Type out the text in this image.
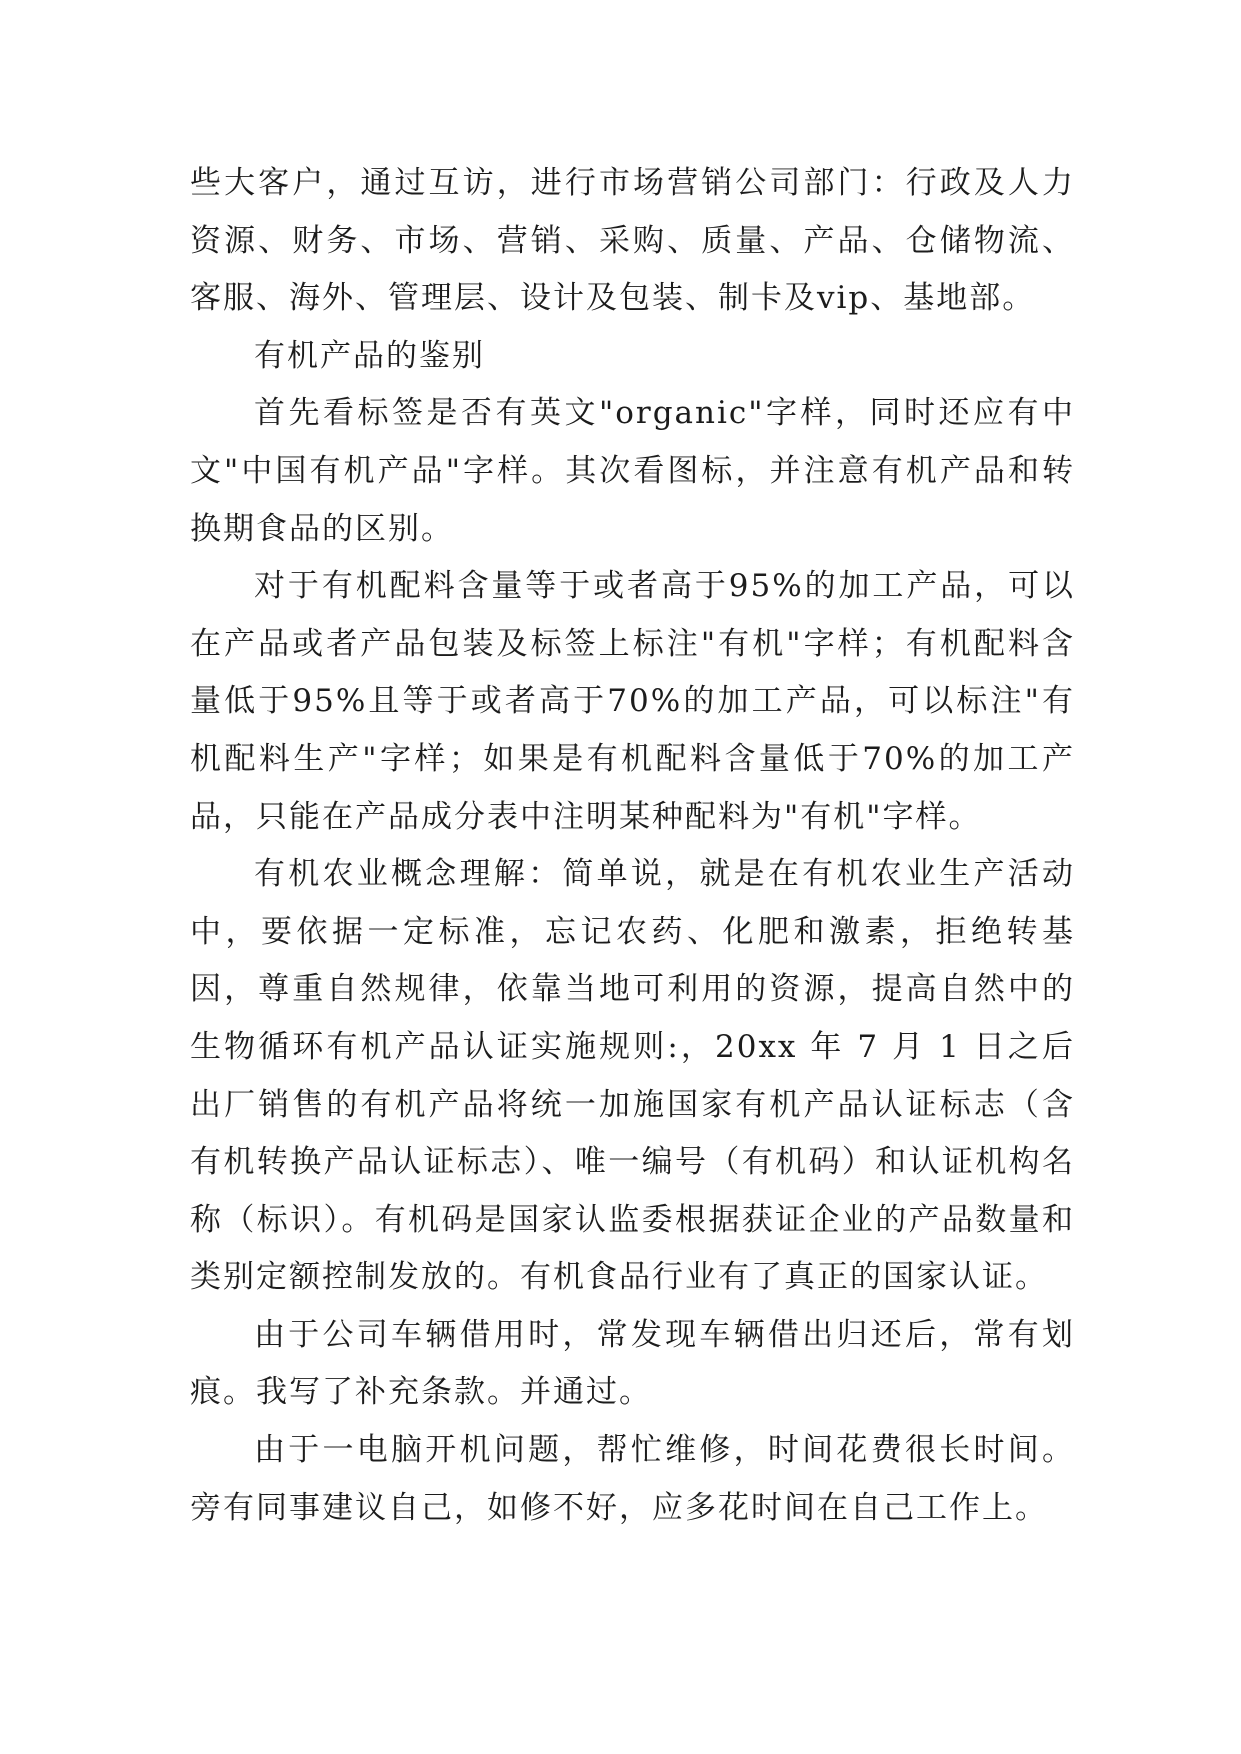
些大客户，通过互访，进行市场营销公司部门：行政及人力资源、财务、市场、营销、采购、质量、产品、仓储物流、客服、海外、管理层、设计及包装、制卡及vip、基地部。

有机产品的鉴别

首先看标签是否有英文"organic"字样，同时还应有中文"中国有机产品"字样。其次看图标，并注意有机产品和转换期食品的区别。

对于有机配料含量等于或者高于95%的加工产品，可以在产品或者产品包装及标签上标注"有机"字样；有机配料含量低于95%且等于或者高于70%的加工产品，可以标注"有机配料生产"字样；如果是有机配料含量低于70%的加工产品，只能在产品成分表中注明某种配料为"有机"字样。

有机农业概念理解：简单说，就是在有机农业生产活动中，要依据一定标准，忘记农药、化肥和激素，拒绝转基因，尊重自然规律，依靠当地可利用的资源，提高自然中的生物循环有机产品认证实施规则:，20xx 年 7 月 1 日之后出厂销售的有机产品将统一加施国家有机产品认证标志（含有机转换产品认证标志）、唯一编号（有机码）和认证机构名称（标识）。有机码是国家认监委根据获证企业的产品数量和类别定额控制发放的。有机食品行业有了真正的国家认证。

由于公司车辆借用时，常发现车辆借出归还后，常有划痕。我写了补充条款。并通过。

由于一电脑开机问题，帮忙维修，时间花费很长时间。旁有同事建议自己，如修不好，应多花时间在自己工作上。
